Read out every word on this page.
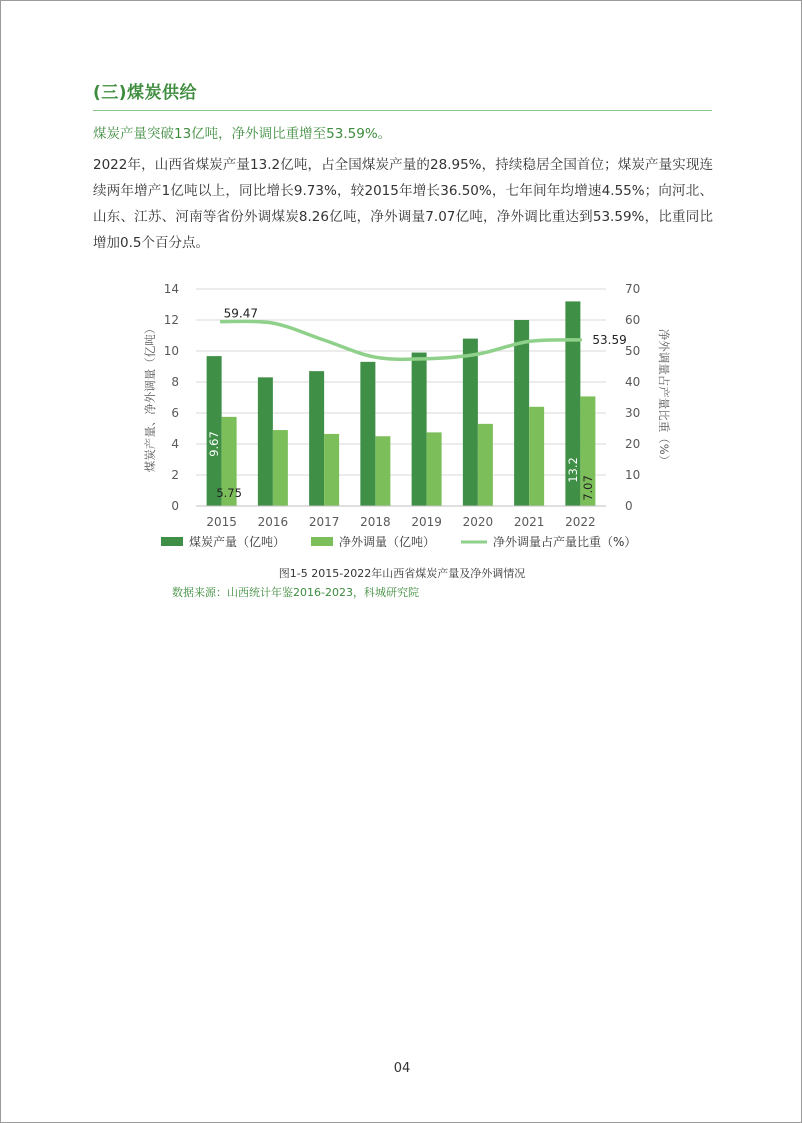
(三)煤炭供给
煤炭产量突破13亿吨，净外调比重增至53.59%。

2022年，山西省煤炭产量13.2亿吨，占全国煤炭产量的28.95%，持续稳居全国首位；煤炭产量实现连续两年增产1亿吨以上，同比增长9.73%，较2015年增长36.50%，七年间年均增速4.55%；向河北、山东、江苏、河南等省份外调煤炭8.26亿吨，净外调量7.07亿吨，净外调比重达到53.59%，比重同比增加0.5个百分点。

0
2
4
6
8
10
12
14
0
10
20
30
40
50
60
70
煤炭产量、净外调量（亿吨）	净外调量占产量比重（%）
2015 2016 2017 2018 2019 2020 2021 2022
9.67
5.75
59.47
13.2
7.07
53.59
煤炭产量（亿吨）	净外调量（亿吨）	净外调量占产量比重（%）
图1-5 2015-2022年山西省煤炭产量及净外调情况
数据来源：山西统计年鉴2016-2023，科城研究院
04
